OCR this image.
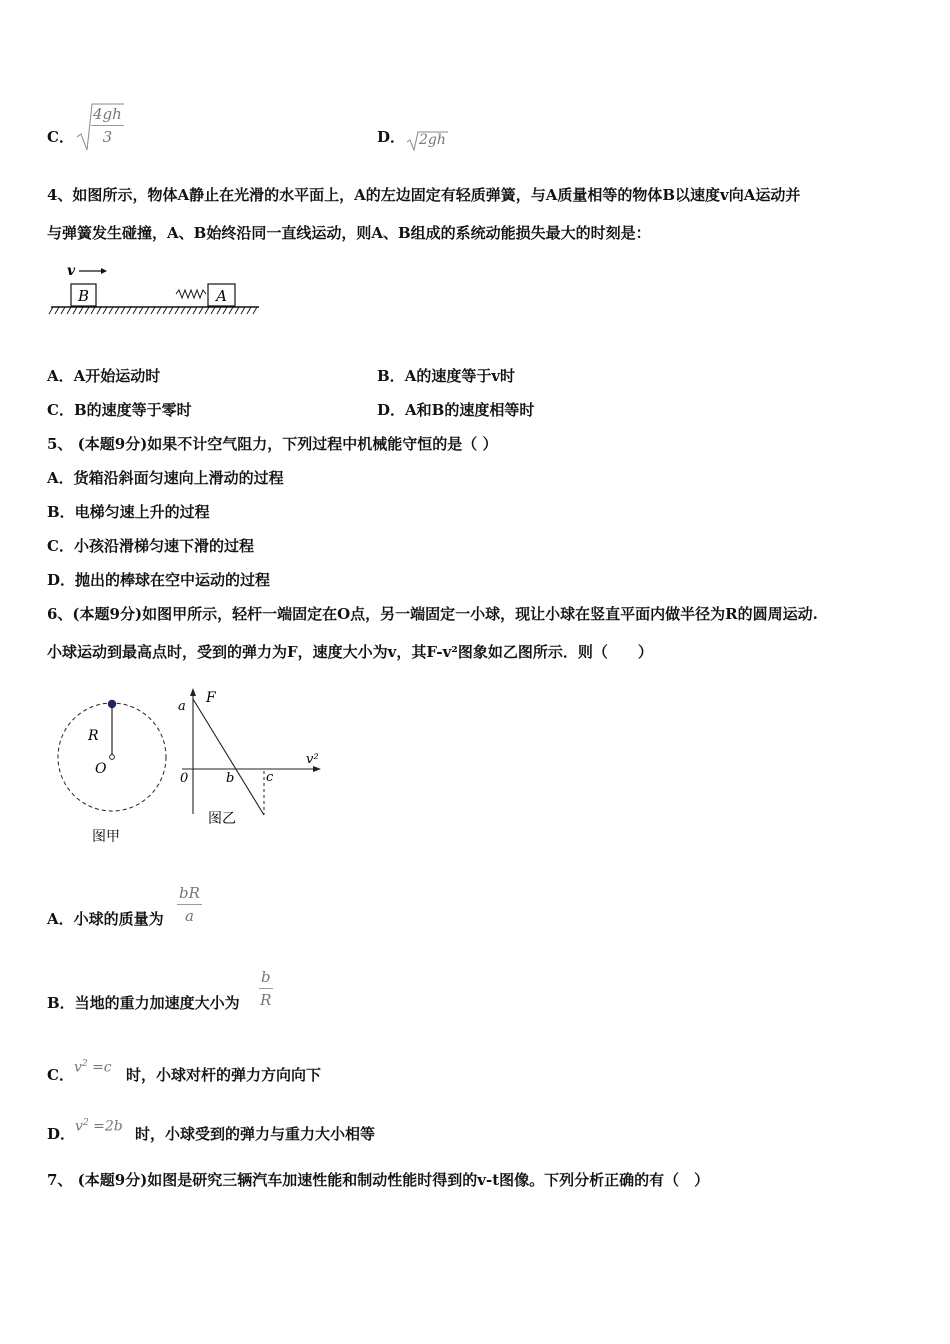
C． $\frac{4gh}{3}$	D． 2gh
4、如图所示，物体A静止在光滑的水平面上，A的左边固定有轻质弹簧，与A质量相等的物体B以速度v向A运动并
与弹簧发生碰撞，A、B始终沿同一直线运动，则A、B组成的系统动能损失最大的时刻是：
v
B	A
A．A开始运动时	B．A的速度等于v时
C．B的速度等于零时	D．A和B的速度相等时
5、 (本题9分)如果不计空气阻力，下列过程中机械能守恒的是（ ）
A．货箱沿斜面匀速向上滑动的过程
B．电梯匀速上升的过程
C．小孩沿滑梯匀速下滑的过程
D．抛出的棒球在空中运动的过程
6、(本题9分)如图甲所示，轻杆一端固定在O点，另一端固定一小球，现让小球在竖直平面内做半径为R的圆周运动.
小球运动到最高点时，受到的弹力为F，速度大小为v，其F-v²图象如乙图所示．则（　　）
R
O
图甲
F
a
v²
0	b c
图乙
A．小球的质量为 $\frac{bR}{a}$
B．当地的重力加速度大小为 $\frac{b}{R}$
C．$v^2 =c$ 时，小球对杆的弹力方向向下
D．$v^2 =2b$ 时，小球受到的弹力与重力大小相等
7、 (本题9分)如图是研究三辆汽车加速性能和制动性能时得到的v-t图像。下列分析正确的有（　）
